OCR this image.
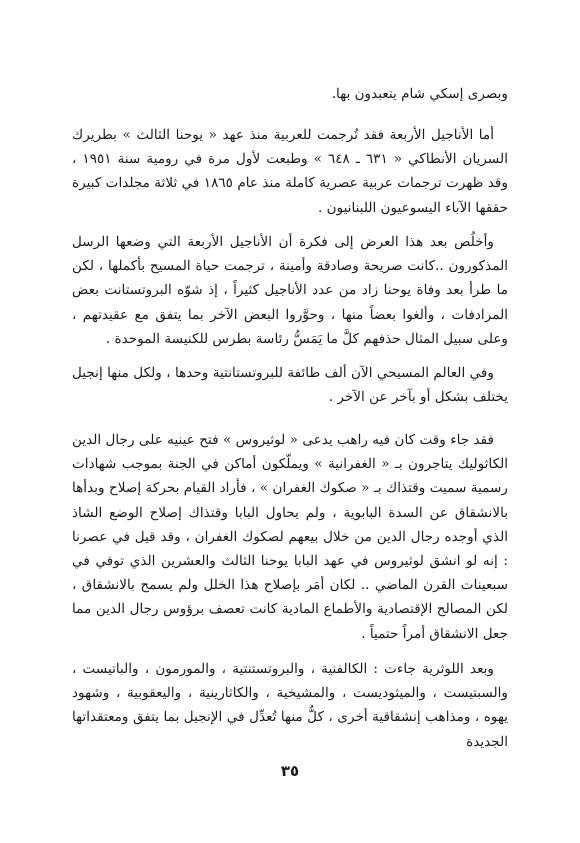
وبصرى إسكي شام يتعبدون بها.

أما الأناجيل الأربعة فقد تُرجمت للعربية منذ عهد « يوحنا الثالث » بطريرك السريان الأنطاكي « ٦٣١ ـ ٦٤٨ » وطبعت لأول مرة في رومية سنة ١٩٥١ ، وقد ظهرت ترجمات عربية عصرية كاملة منذ عام ١٨٦٥ في ثلاثة مجلدات كبيرة حققها الآباء اليسوعيون اللبنانيون .

وأخلُص بعد هذا العرض إلى فكرة أن الأناجيل الأربعة التي وضعها الرسل المذكورون ..كانت صريحة وصادقة وأمينة ، ترجمت حياة المسيح بأكملها ، لكن ما طرأ بعد وفاة يوحنا زاد من عدد الأناجيل كثيراً ، إذ شوّه البروتستانت بعض المرادفات ، وألغوا بعضاً منها ، وحوَّروا البعض الآخر بما يتفق مع عقيدتهم ، وعلى سبيل المثال حذفهم كلَّ ما يَمَسُّ رئاسة بطرس للكنيسة الموحدة .

وفي العالم المسيحي الآن ألف طائفة للبروتستانتية وحدها ، ولكل منها إنجيل يختلف بشكل أو بآخر عن الآخر .

فقد جاء وقت كان فيه راهب يدعى « لوثيروس » فتح عينيه على رجال الدين الكاثوليك يتاجرون بـ « الغفرانية » ويملّكون أماكن في الجنة بموجب شهادات رسمية سميت وقتذاك بـ « صكوك الغفران » ، فأراد القيام بحركة إصلاح وبدأها بالانشقاق عن السدة البابوية ، ولم يحاول البابا وقتذاك إصلاح الوضع الشاذ الذي أوجده رجال الدين من خلال بيعهم لصكوك الغفران ، وقد قيل في عصرنا : إنه لو انشق لوثيروس في عهد البابا يوحنا الثالث والعشرين الذي توفي في سبعينات القرن الماضي .. لكان أمَر بإصلاح هذا الخلل ولم يسمح بالانشقاق ، لكن المصالح الإقتصادية والأطماع المادية كانت تعصف برؤوس رجال الدين مما جعل الانشقاق أمراً حتمياً .

وبعد اللوثرية جاءت : الكالفنية ، والبروتستنتية ، والمورمون ، والباتيست ، والسبتيست ، والميثوديست ، والمشيخية ، والكاثارينية ، واليعقوبية ، وشهود يهوه ، ومذاهب إنشقاقية أخرى ، كلٌّ منها تُعدِّل في الإنجيل بما يتفق ومعتقداتها الجديدة

٣٥
